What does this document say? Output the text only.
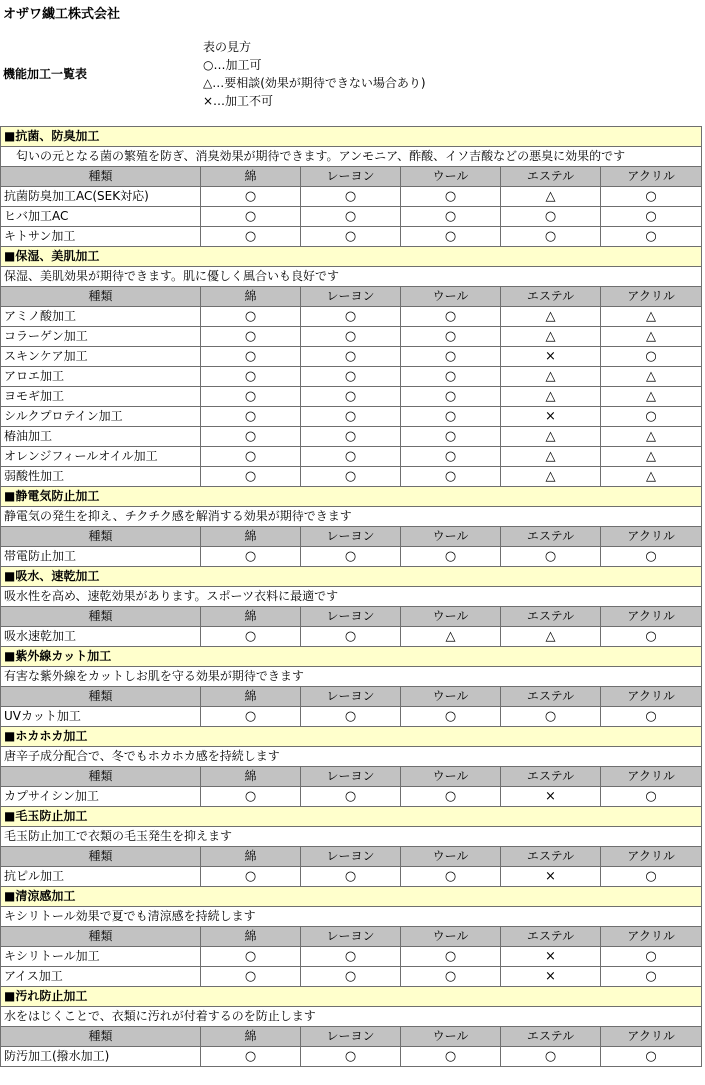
オザワ繊工株式会社
機能加工一覧表
表の見方
○…加工可
△…要相談(効果が期待できない場合あり)
×…加工不可
■抗菌、防臭加工					
　匂いの元となる菌の繁殖を防ぎ、消臭効果が期待できます。アンモニア、酢酸、イソ吉酸などの悪臭に効果的です					
種類	綿	レーヨン	ウール	エステル	アクリル
抗菌防臭加工AC(SEK対応)	○	○	○	△	○
ヒバ加工AC	○	○	○	○	○
キトサン加工	○	○	○	○	○
■保湿、美肌加工					
保湿、美肌効果が期待できます。肌に優しく風合いも良好です					
種類	綿	レーヨン	ウール	エステル	アクリル
アミノ酸加工	○	○	○	△	△
コラーゲン加工	○	○	○	△	△
スキンケア加工	○	○	○	×	○
アロエ加工	○	○	○	△	△
ヨモギ加工	○	○	○	△	△
シルクプロテイン加工	○	○	○	×	○
椿油加工	○	○	○	△	△
オレンジフィールオイル加工	○	○	○	△	△
弱酸性加工	○	○	○	△	△
■静電気防止加工					
静電気の発生を抑え、チクチク感を解消する効果が期待できます					
種類	綿	レーヨン	ウール	エステル	アクリル
帯電防止加工	○	○	○	○	○
■吸水、速乾加工					
吸水性を高め、速乾効果があります。スポーツ衣料に最適です					
種類	綿	レーヨン	ウール	エステル	アクリル
吸水速乾加工	○	○	△	△	○
■紫外線カット加工					
有害な紫外線をカットしお肌を守る効果が期待できます					
種類	綿	レーヨン	ウール	エステル	アクリル
UVカット加工	○	○	○	○	○
■ホカホカ加工					
唐辛子成分配合で、冬でもホカホカ感を持続します					
種類	綿	レーヨン	ウール	エステル	アクリル
カプサイシン加工	○	○	○	×	○
■毛玉防止加工					
毛玉防止加工で衣類の毛玉発生を抑えます					
種類	綿	レーヨン	ウール	エステル	アクリル
抗ピル加工	○	○	○	×	○
■清涼感加工					
キシリトール効果で夏でも清涼感を持続します					
種類	綿	レーヨン	ウール	エステル	アクリル
キシリトール加工	○	○	○	×	○
アイス加工	○	○	○	×	○
■汚れ防止加工					
水をはじくことで、衣類に汚れが付着するのを防止します					
種類	綿	レーヨン	ウール	エステル	アクリル
防汚加工(撥水加工)	○	○	○	○	○
